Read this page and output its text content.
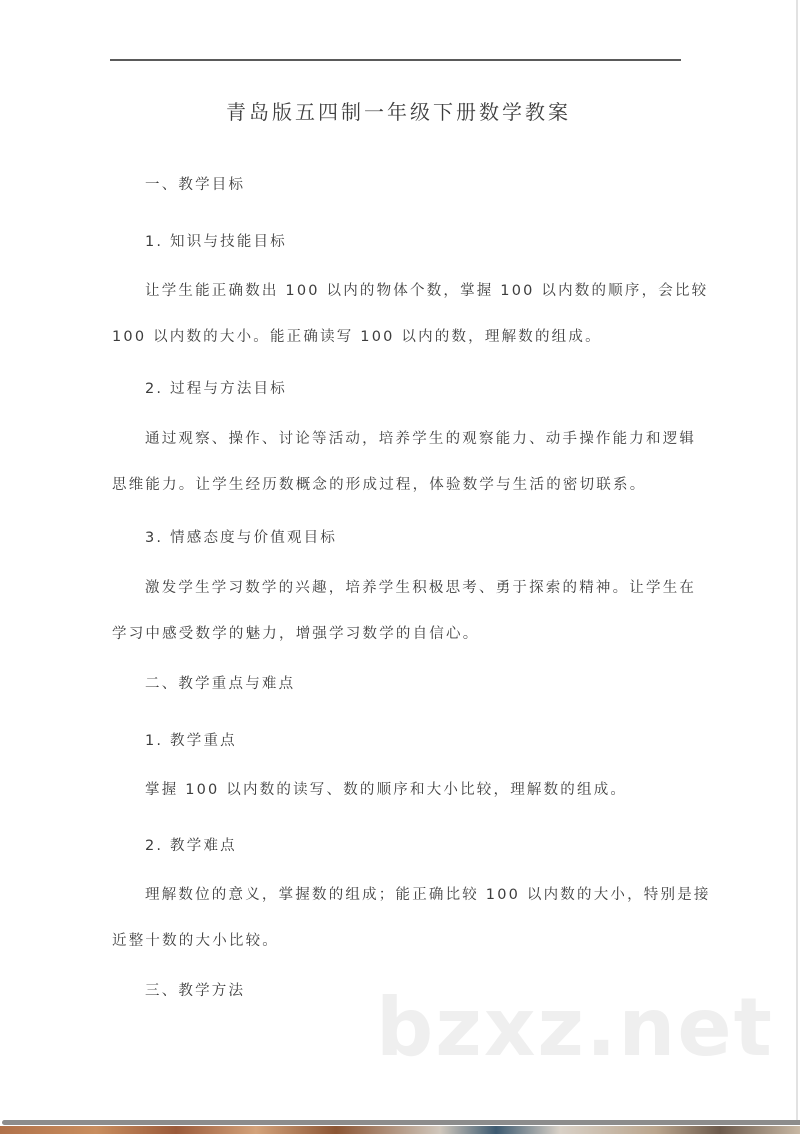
青岛版五四制一年级下册数学教案
一、教学目标
1. 知识与技能目标
让学生能正确数出 100 以内的物体个数，掌握 100 以内数的顺序，会比较
100 以内数的大小。能正确读写 100 以内的数，理解数的组成。
2. 过程与方法目标
通过观察、操作、讨论等活动，培养学生的观察能力、动手操作能力和逻辑
思维能力。让学生经历数概念的形成过程，体验数学与生活的密切联系。
3. 情感态度与价值观目标
激发学生学习数学的兴趣，培养学生积极思考、勇于探索的精神。让学生在
学习中感受数学的魅力，增强学习数学的自信心。
二、教学重点与难点
1. 教学重点
掌握 100 以内数的读写、数的顺序和大小比较，理解数的组成。
2. 教学难点
理解数位的意义，掌握数的组成；能正确比较 100 以内数的大小，特别是接
近整十数的大小比较。
三、教学方法 bzxz.net
